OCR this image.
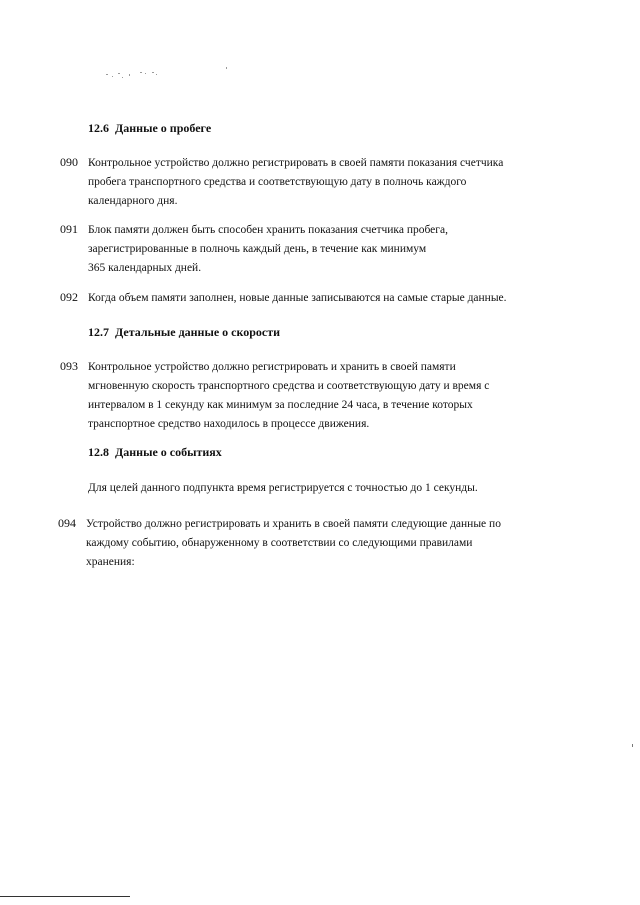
12.6 Данные о пробеге
090 Контрольное устройство должно регистрировать в своей памяти показания счетчика
пробега транспортного средства и соответствующую дату в полночь каждого
календарного дня.
091 Блок памяти должен быть способен хранить показания счетчика пробега,
зарегистрированные в полночь каждый день, в течение как минимум
365 календарных дней.
092 Когда объем памяти заполнен, новые данные записываются на самые старые данные.
12.7 Детальные данные о скорости
093 Контрольное устройство должно регистрировать и хранить в своей памяти
мгновенную скорость транспортного средства и соответствующую дату и время с
интервалом в 1 секунду как минимум за последние 24 часа, в течение которых
транспортное средство находилось в процессе движения.
12.8 Данные о событиях
Для целей данного подпункта время регистрируется с точностью до 1 секунды.
094 Устройство должно регистрировать и хранить в своей памяти следующие данные по
каждому событию, обнаруженному в соответствии со следующими правилами
хранения:
